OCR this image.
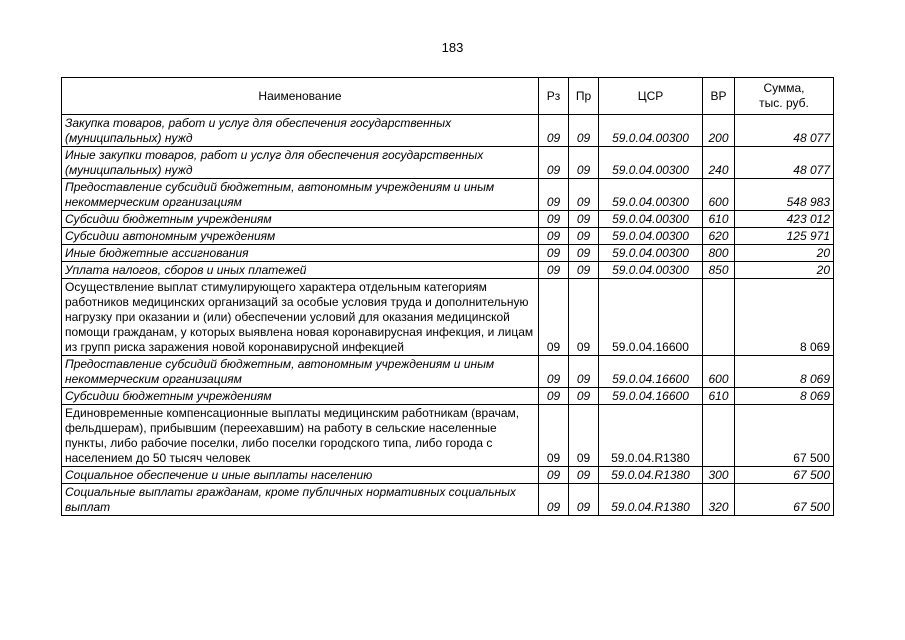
183
Наименование	Рз	Пр	ЦСР	ВР	Сумма,
тыс. руб.
Закупка товаров, работ и услуг для обеспечения государственных (муниципальных) нужд	09	09	59.0.04.00300	200	48 077
Иные закупки товаров, работ и услуг для обеспечения государственных (муниципальных) нужд	09	09	59.0.04.00300	240	48 077
Предоставление субсидий бюджетным, автономным учреждениям и иным некоммерческим организациям	09	09	59.0.04.00300	600	548 983
Субсидии бюджетным учреждениям	09	09	59.0.04.00300	610	423 012
Субсидии автономным учреждениям	09	09	59.0.04.00300	620	125 971
Иные бюджетные ассигнования	09	09	59.0.04.00300	800	20
Уплата налогов, сборов и иных платежей	09	09	59.0.04.00300	850	20
Осуществление выплат стимулирующего характера отдельным категориям работников медицинских организаций за особые условия труда и дополнительную нагрузку при оказании и (или) обеспечении условий для оказания медицинской помощи гражданам, у которых выявлена новая коронавирусная инфекция, и лицам из групп риска заражения новой коронавирусной инфекцией	09	09	59.0.04.16600		8 069
Предоставление субсидий бюджетным, автономным учреждениям и иным некоммерческим организациям	09	09	59.0.04.16600	600	8 069
Субсидии бюджетным учреждениям	09	09	59.0.04.16600	610	8 069
Единовременные компенсационные выплаты медицинским работникам (врачам, фельдшерам), прибывшим (переехавшим) на работу в сельские населенные пункты, либо рабочие поселки, либо поселки городского типа, либо города с населением до 50 тысяч человек	09	09	59.0.04.R1380		67 500
Социальное обеспечение и иные выплаты населению	09	09	59.0.04.R1380	300	67 500
Социальные выплаты гражданам, кроме публичных нормативных социальных выплат	09	09	59.0.04.R1380	320	67 500
